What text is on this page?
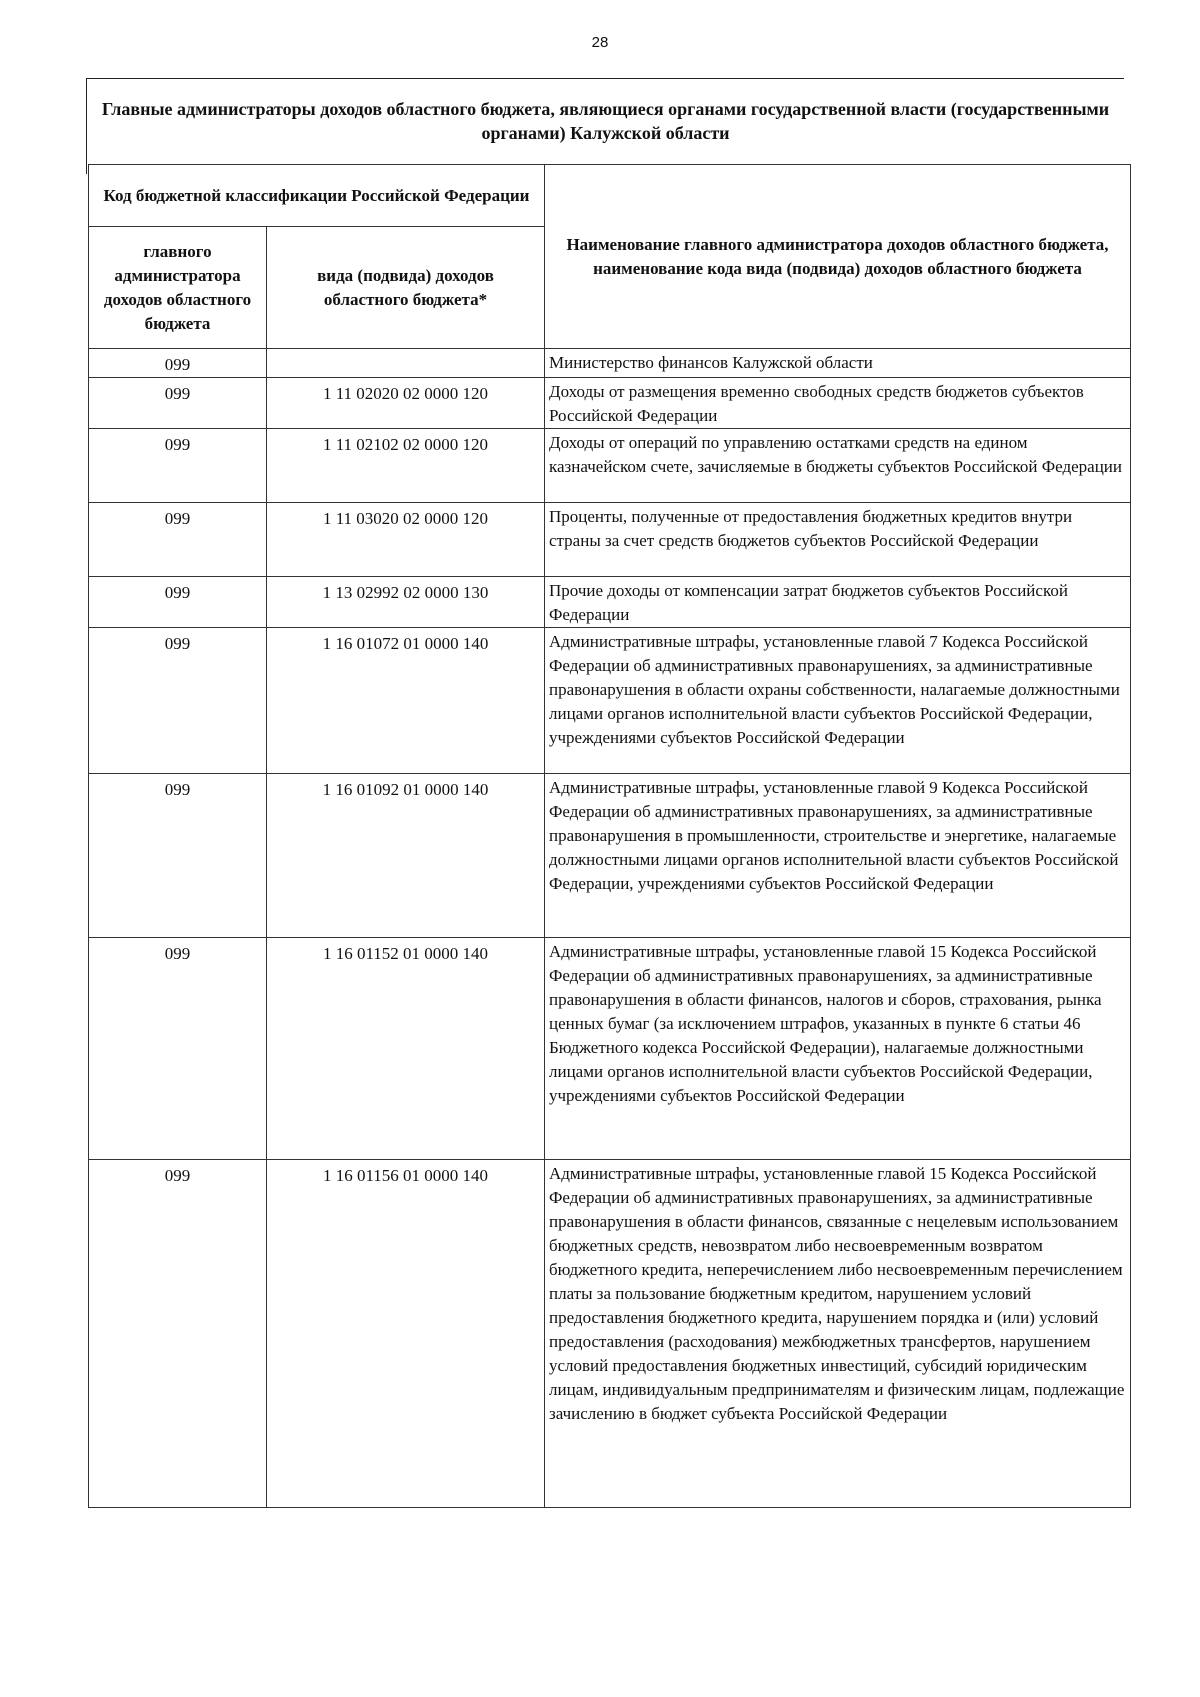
28
Главные администраторы доходов областного бюджета, являющиеся органами государственной власти (государственными органами) Калужской области
Код бюджетной классификации Российской Федерации		Наименование главного администратора доходов областного бюджета, наименование кода вида (подвида) доходов областного бюджета
главного администратора доходов областного бюджета	вида (подвида) доходов областного бюджета*	
099		Министерство финансов Калужской области
099	1 11 02020 02 0000 120	Доходы от размещения временно свободных средств бюджетов субъектов Российской Федерации
099	1 11 02102 02 0000 120	Доходы от операций по управлению остатками средств на едином казначейском счете, зачисляемые в бюджеты субъектов Российской Федерации
099	1 11 03020 02 0000 120	Проценты, полученные от предоставления бюджетных кредитов внутри страны за счет средств бюджетов субъектов Российской Федерации
099	1 13 02992 02 0000 130	Прочие доходы от компенсации затрат бюджетов субъектов Российской Федерации
099	1 16 01072 01 0000 140	Административные штрафы, установленные главой 7 Кодекса Российской Федерации об административных правонарушениях, за административные правонарушения в области охраны собственности, налагаемые должностными лицами органов исполнительной власти субъектов Российской Федерации, учреждениями субъектов Российской Федерации
099	1 16 01092 01 0000 140	Административные штрафы, установленные главой 9 Кодекса Российской Федерации об административных правонарушениях, за административные правонарушения в промышленности, строительстве и энергетике, налагаемые должностными лицами органов исполнительной власти субъектов Российской Федерации, учреждениями субъектов Российской Федерации
099	1 16 01152 01 0000 140	Административные штрафы, установленные главой 15 Кодекса Российской Федерации об административных правонарушениях, за административные правонарушения в области финансов, налогов и сборов, страхования, рынка ценных бумаг (за исключением штрафов, указанных в пункте 6 статьи 46 Бюджетного кодекса Российской Федерации), налагаемые должностными лицами органов исполнительной власти субъектов Российской Федерации, учреждениями субъектов Российской Федерации
099	1 16 01156 01 0000 140	Административные штрафы, установленные главой 15 Кодекса Российской Федерации об административных правонарушениях, за административные правонарушения в области финансов, связанные с нецелевым использованием бюджетных средств, невозвратом либо несвоевременным возвратом бюджетного кредита, неперечислением либо несвоевременным перечислением платы за пользование бюджетным кредитом, нарушением условий предоставления бюджетного кредита, нарушением порядка и (или) условий предоставления (расходования) межбюджетных трансфертов, нарушением условий предоставления бюджетных инвестиций, субсидий юридическим лицам, индивидуальным предпринимателям и физическим лицам, подлежащие зачислению в бюджет субъекта Российской Федерации
